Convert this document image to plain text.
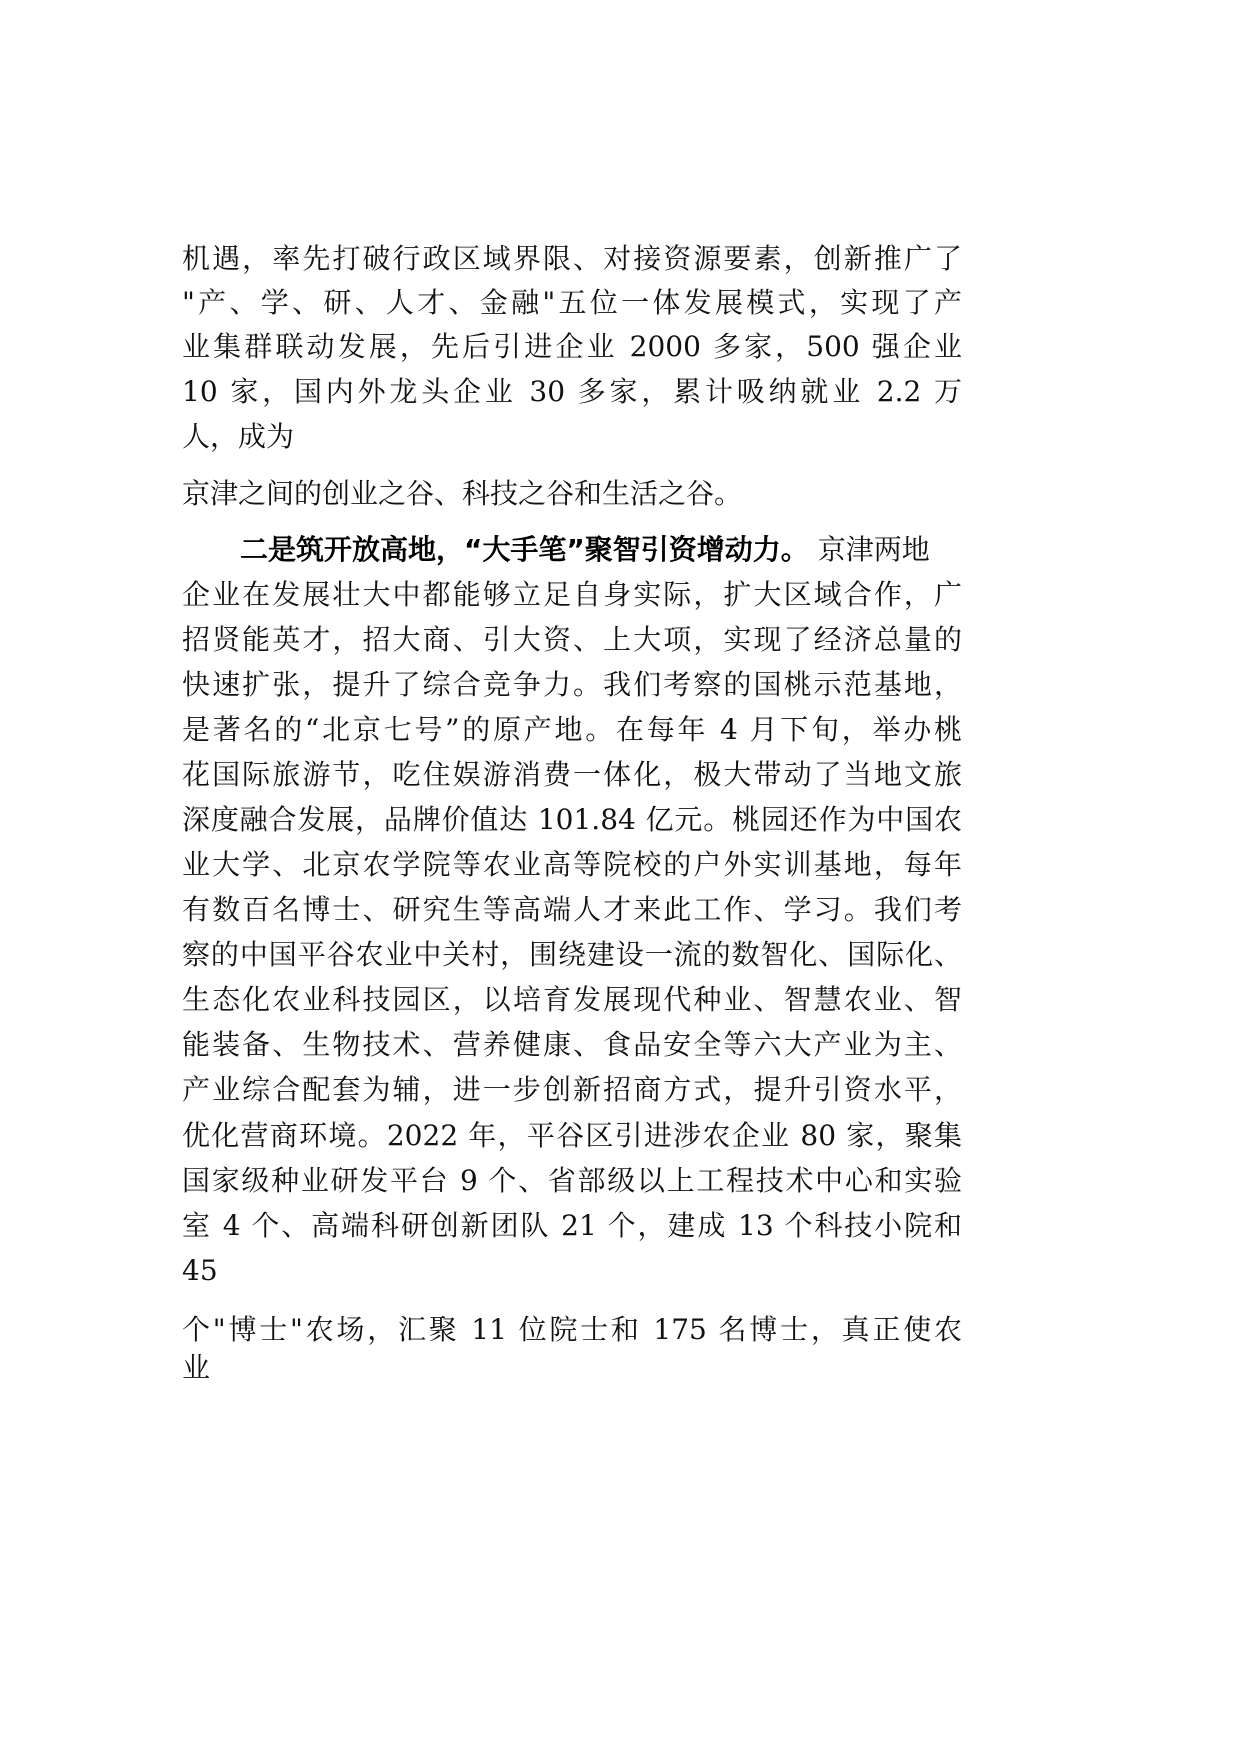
机遇，率先打破行政区域界限、对接资源要素，创新推广了
"产、学、研、人才、金融"五位一体发展模式，实现了产
业集群联动发展，先后引进企业 2000 多家，500 强企业
10 家，国内外龙头企业 30 多家，累计吸纳就业 2.2 万
人，成为
京津之间的创业之谷、科技之谷和生活之谷。
二是筑开放高地，“大手笔”聚智引资增动力。 京津两地
企业在发展壮大中都能够立足自身实际，扩大区域合作，广
招贤能英才，招大商、引大资、上大项，实现了经济总量的
快速扩张，提升了综合竞争力。我们考察的国桃示范基地，
是著名的“北京七号”的原产地。在每年 4 月下旬，举办桃
花国际旅游节，吃住娱游消费一体化，极大带动了当地文旅
深度融合发展，品牌价值达 101.84 亿元。桃园还作为中国农
业大学、北京农学院等农业高等院校的户外实训基地，每年
有数百名博士、研究生等高端人才来此工作、学习。我们考
察的中国平谷农业中关村，围绕建设一流的数智化、国际化、
生态化农业科技园区，以培育发展现代种业、智慧农业、智
能装备、生物技术、营养健康、食品安全等六大产业为主、
产业综合配套为辅，进一步创新招商方式，提升引资水平，
优化营商环境。2022 年，平谷区引进涉农企业 80 家，聚集
国家级种业研发平台 9 个、省部级以上工程技术中心和实验
室 4 个、高端科研创新团队 21 个，建成 13 个科技小院和
45
个"博士"农场，汇聚 11 位院士和 175 名博士，真正使农
业
